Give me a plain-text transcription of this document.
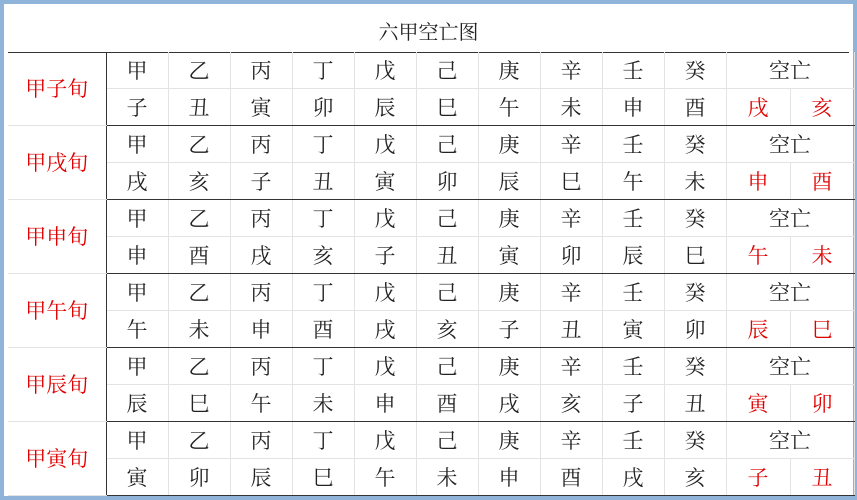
六甲空亡图
甲子旬	甲	乙	丙	丁	戊	己	庚	辛	壬	癸	空亡	
	子	丑	寅	卯	辰	巳	午	未	申	酉	戌	亥
甲戌旬	甲	乙	丙	丁	戊	己	庚	辛	壬	癸	空亡	
	戌	亥	子	丑	寅	卯	辰	巳	午	未	申	酉
甲申旬	甲	乙	丙	丁	戊	己	庚	辛	壬	癸	空亡	
	申	酉	戌	亥	子	丑	寅	卯	辰	巳	午	未
甲午旬	甲	乙	丙	丁	戊	己	庚	辛	壬	癸	空亡	
	午	未	申	酉	戌	亥	子	丑	寅	卯	辰	巳
甲辰旬	甲	乙	丙	丁	戊	己	庚	辛	壬	癸	空亡	
	辰	巳	午	未	申	酉	戌	亥	子	丑	寅	卯
甲寅旬	甲	乙	丙	丁	戊	己	庚	辛	壬	癸	空亡	
	寅	卯	辰	巳	午	未	申	酉	戌	亥	子	丑
